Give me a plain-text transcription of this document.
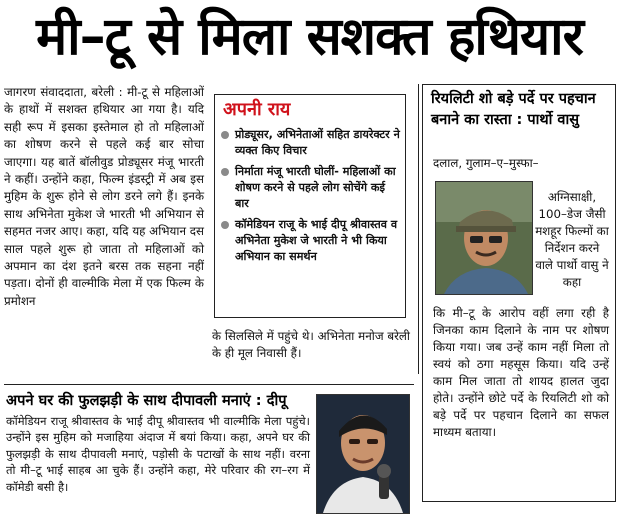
मी–टू से मिला सशक्त हथियार

जागरण संवाददाता, बरेली : मी-टू से महिलाओं के हाथों में सशक्त हथियार आ गया है। यदि सही रूप में इसका इस्तेमाल हो तो महिलाओं का शोषण करने से पहले कई बार सोचा जाएगा। यह बातें बॉलीवुड प्रोड्यूसर मंजू भारती ने कहीं। उन्होंने कहा, फिल्म इंडस्ट्री में अब इस मुहिम के शुरू होने से लोग डरने लगे हैं। इनके साथ अभिनेता मुकेश जे भारती भी अभियान से सहमत नजर आए। कहा, यदि यह अभियान दस साल पहले शुरू हो जाता तो महिलाओं को अपमान का दंश इतने बरस तक सहना नहीं पड़ता। दोनों ही वाल्मीकि मेला में एक फिल्म के प्रमोशन

अपनी राय
प्रोड्यूसर, अभिनेताओं सहित डायरेक्टर ने व्यक्त किए विचार
निर्माता मंजू भारती घोलीं- महिलाओं का शोषण करने से पहले लोग सोचेंगे कई बार
कॉमेडियन राजू के भाई दीपू श्रीवास्तव व अभिनेता मुकेश जे भारती ने भी किया अभियान का समर्थन

के सिलसिले में पहुंचे थे। अभिनेता मनोज बरेली के ही मूल निवासी हैं।

रियलिटी शो बड़े पर्दे पर पहचान बनाने का रास्ता : पार्थो वासु

दलाल, गुलाम–ए–मुस्फा–

अग्निसाक्षी, 100–डेज जैसी मशहूर फिल्मों का निर्देशन करने वाले पार्थो वासु ने कहा

कि मी–टू के आरोप वहीं लगा रही है जिनका काम दिलाने के नाम पर शोषण किया गया। जब उन्हें काम नहीं मिला तो स्वयं को ठगा महसूस किया। यदि उन्हें काम मिल जाता तो शायद हालत जुदा होते। उन्होंने छोटे पर्दे के रियलिटी शो को बड़े पर्दे पर पहचान दिलाने का सफल माध्यम बताया।

अपने घर की फुलझड़ी के साथ दीपावली मनाएं : दीपू

कॉमेडियन राजू श्रीवास्तव के भाई दीपू श्रीवास्तव भी वाल्मीकि मेला पहुंचे। उन्होंने इस मुहिम को मजाहिया अंदाज में बयां किया। कहा, अपने घर की फुलझड़ी के साथ दीपावली मनाएं, पड़ोसी के पटाखों के साथ नहीं। वरना तो मी–टू भाई साहब आ चुके हैं। उन्होंने कहा, मेरे परिवार की रग–रग में कॉमेडी बसी है।
